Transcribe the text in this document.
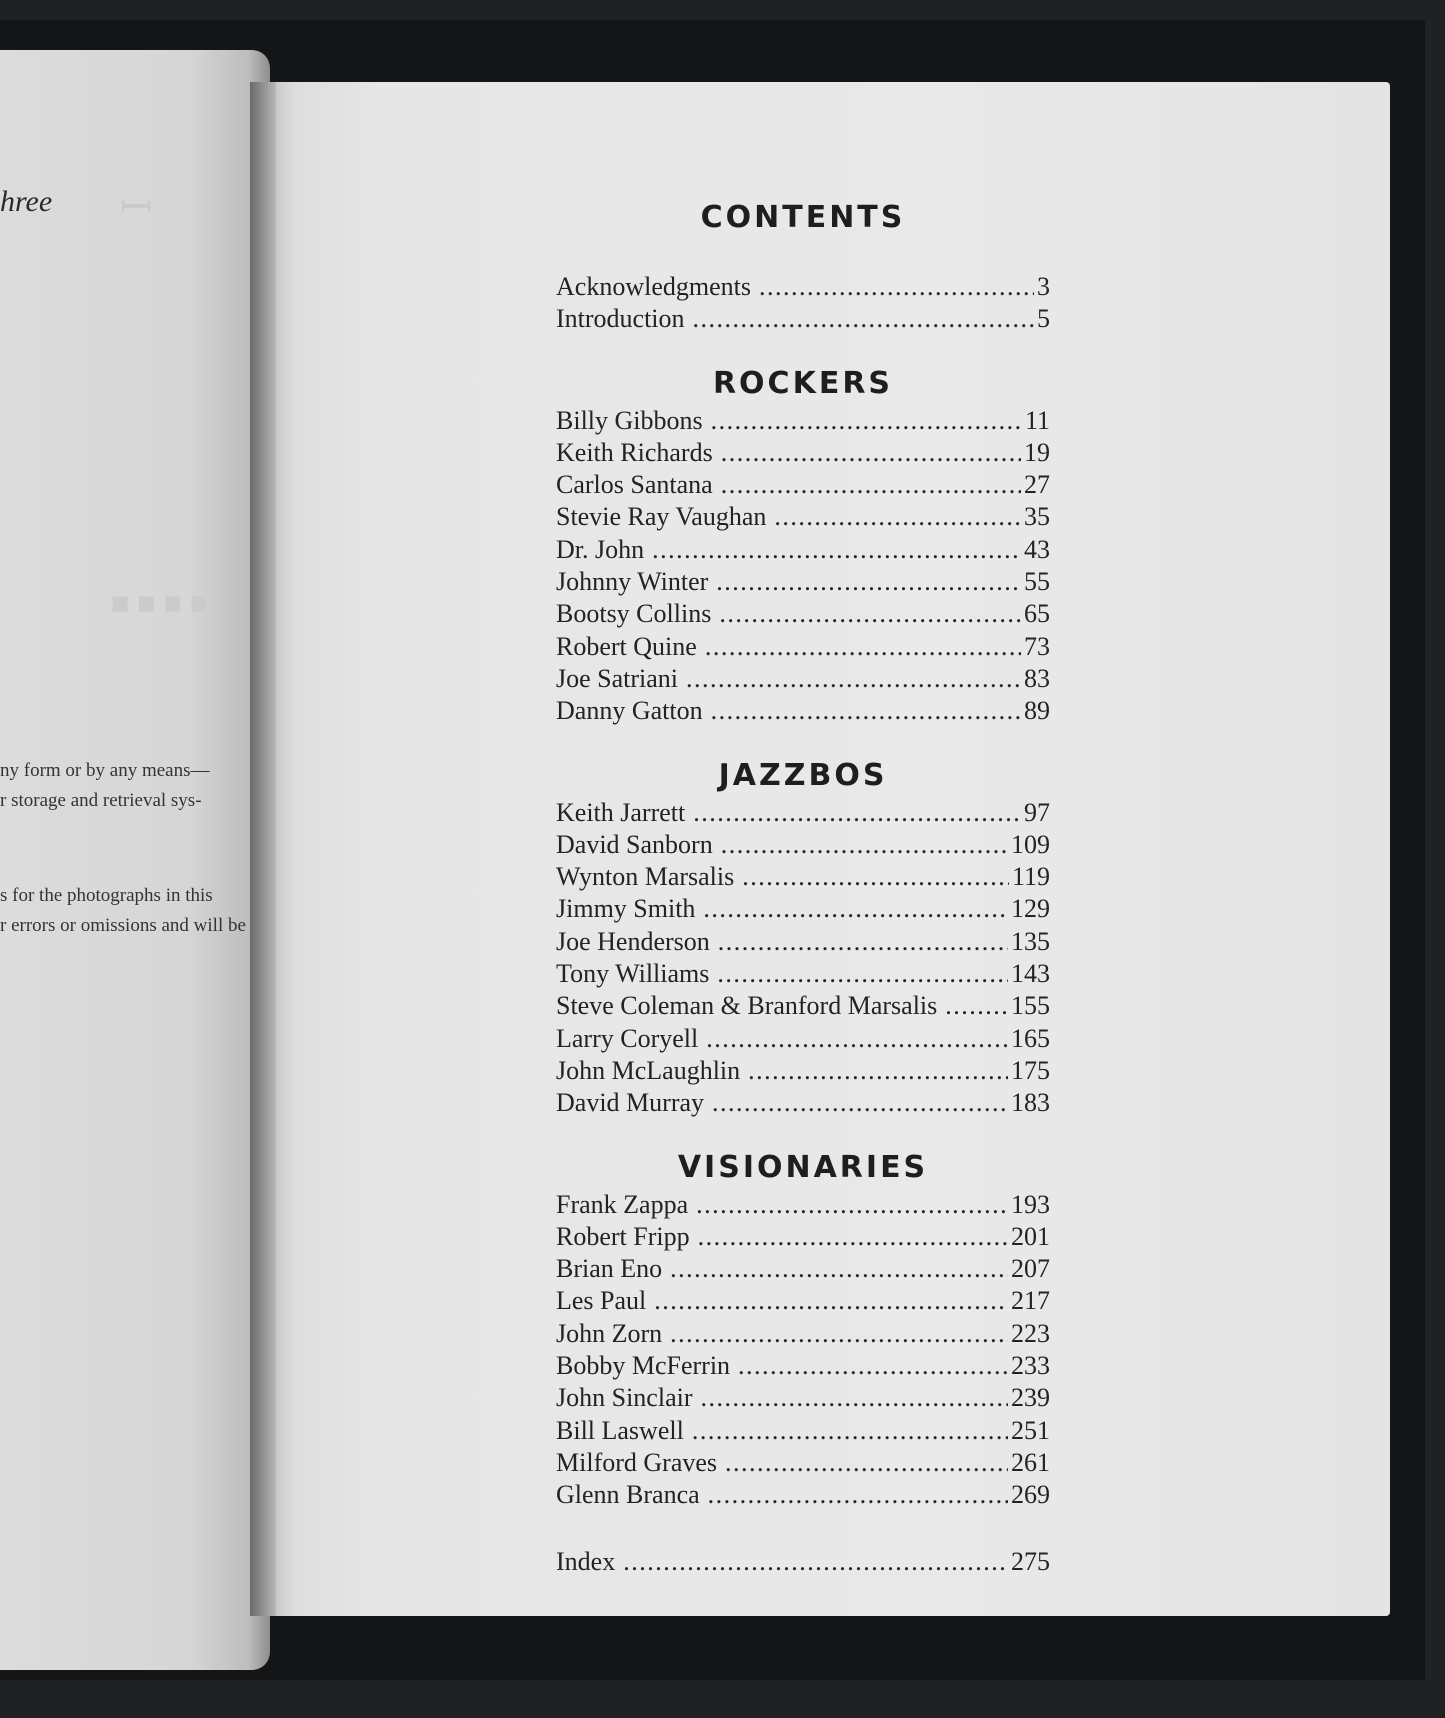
ꟷ
▪▪▪▪
hree
ny form or by any means—
r storage and retrieval sys-
s for the photographs in this
r errors or omissions and will be
CONTENTS
Acknowledgments .....	3
Introduction .....	5
ROCKERS
Billy Gibbons .....	11
Keith Richards .....	19
Carlos Santana .....	27
Stevie Ray Vaughan .....	35
Dr. John .....	43
Johnny Winter .....	55
Bootsy Collins .....	65
Robert Quine .....	73
Joe Satriani .....	83
Danny Gatton .....	89
JAZZBOS
Keith Jarrett .....	97
David Sanborn .....	109
Wynton Marsalis .....	119
Jimmy Smith .....	129
Joe Henderson .....	135
Tony Williams .....	143
Steve Coleman & Branford Marsalis .....	155
Larry Coryell .....	165
John McLaughlin .....	175
David Murray .....	183
VISIONARIES
Frank Zappa .....	193
Robert Fripp .....	201
Brian Eno .....	207
Les Paul .....	217
John Zorn .....	223
Bobby McFerrin .....	233
John Sinclair .....	239
Bill Laswell .....	251
Milford Graves .....	261
Glenn Branca .....	269
Index .....	275
